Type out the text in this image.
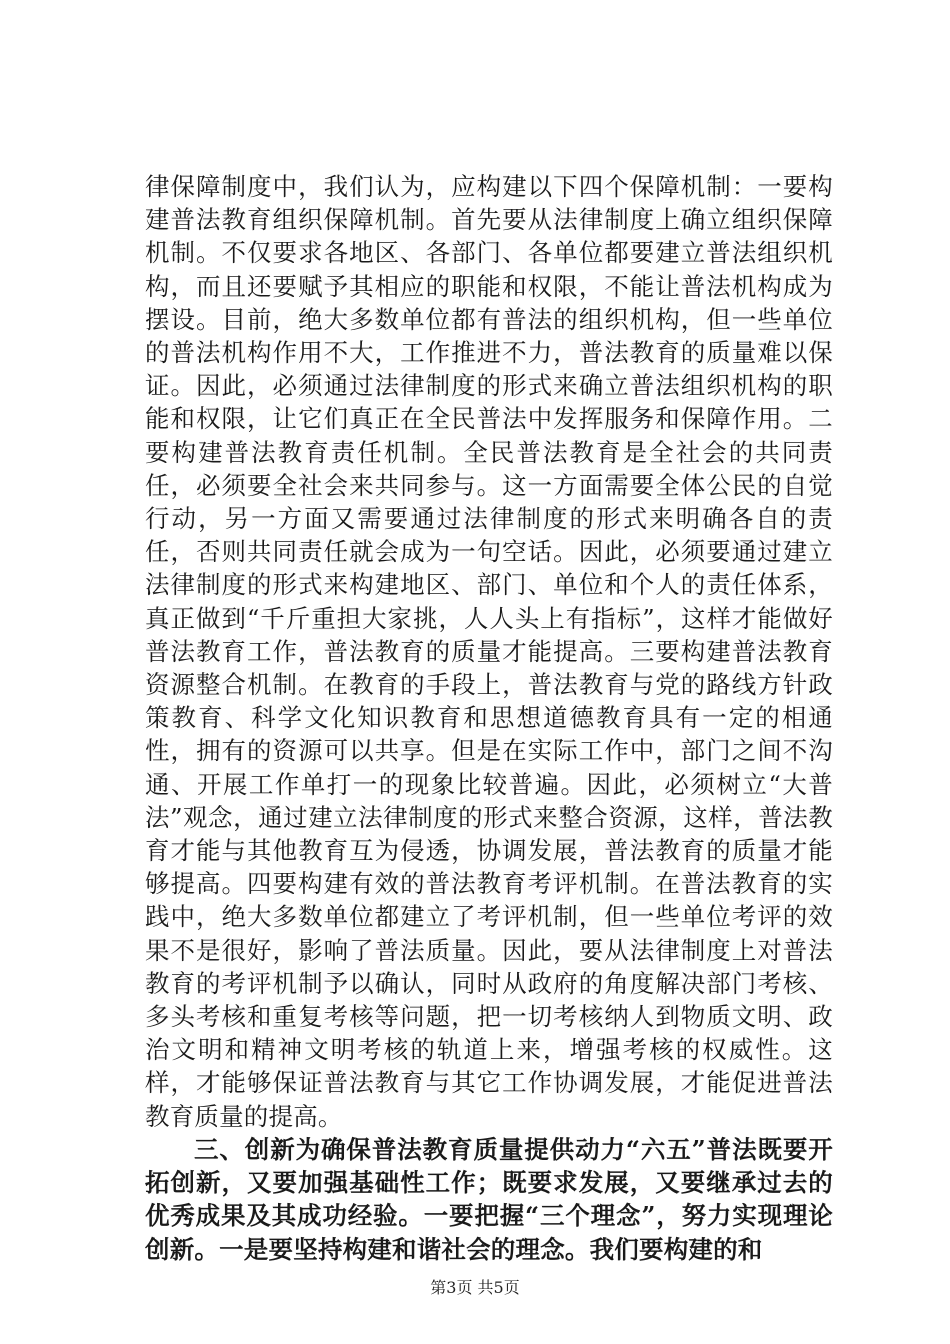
律保障制度中，我们认为，应构建以下四个保障机制：一要构建普法教育组织保障机制。首先要从法律制度上确立组织保障机制。不仅要求各地区、各部门、各单位都要建立普法组织机构，而且还要赋予其相应的职能和权限，不能让普法机构成为摆设。目前，绝大多数单位都有普法的组织机构，但一些单位的普法机构作用不大，工作推进不力，普法教育的质量难以保证。因此，必须通过法律制度的形式来确立普法组织机构的职能和权限，让它们真正在全民普法中发挥服务和保障作用。二要构建普法教育责任机制。全民普法教育是全社会的共同责任，必须要全社会来共同参与。这一方面需要全体公民的自觉行动，另一方面又需要通过法律制度的形式来明确各自的责任，否则共同责任就会成为一句空话。因此，必须要通过建立法律制度的形式来构建地区、部门、单位和个人的责任体系，真正做到“千斤重担大家挑，人人头上有指标”，这样才能做好普法教育工作，普法教育的质量才能提高。三要构建普法教育资源整合机制。在教育的手段上，普法教育与党的路线方针政策教育、科学文化知识教育和思想道德教育具有一定的相通性，拥有的资源可以共享。但是在实际工作中，部门之间不沟通、开展工作单打一的现象比较普遍。因此，必须树立“大普法”观念，通过建立法律制度的形式来整合资源，这样，普法教育才能与其他教育互为侵透，协调发展，普法教育的质量才能够提高。四要构建有效的普法教育考评机制。在普法教育的实践中，绝大多数单位都建立了考评机制，但一些单位考评的效果不是很好，影响了普法质量。因此，要从法律制度上对普法教育的考评机制予以确认，同时从政府的角度解决部门考核、多头考核和重复考核等问题，把一切考核纳人到物质文明、政治文明和精神文明考核的轨道上来，增强考核的权威性。这样，才能够保证普法教育与其它工作协调发展，才能促进普法教育质量的提高。

三、创新为确保普法教育质量提供动力“六五”普法既要开拓创新，又要加强基础性工作；既要求发展，又要继承过去的优秀成果及其成功经验。一要把握“三个理念”，努力实现理论创新。一是要坚持构建和谐社会的理念。我们要构建的和

第3页 共5页
